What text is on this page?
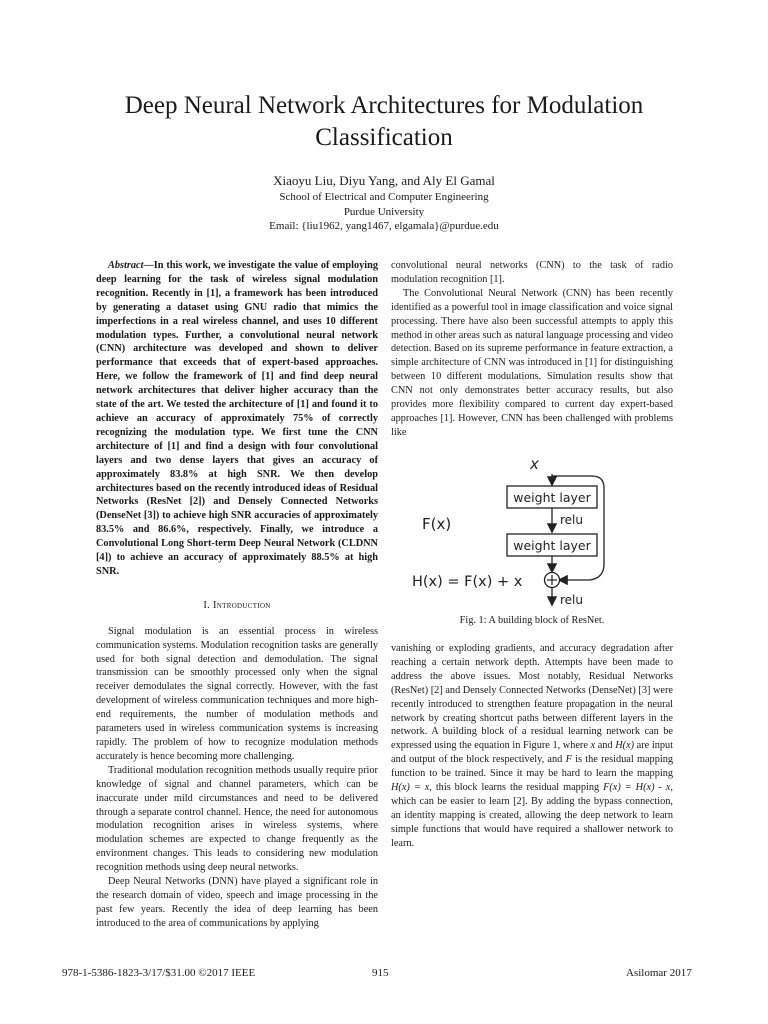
Deep Neural Network Architectures for Modulation Classification
Xiaoyu Liu, Diyu Yang, and Aly El Gamal
School of Electrical and Computer Engineering
Purdue University
Email: {liu1962, yang1467, elgamala}@purdue.edu

Abstract—In this work, we investigate the value of employing deep learning for the task of wireless signal modulation recognition. Recently in [1], a framework has been introduced by generating a dataset using GNU radio that mimics the imperfections in a real wireless channel, and uses 10 different modulation types. Further, a convolutional neural network (CNN) architecture was developed and shown to deliver performance that exceeds that of expert-based approaches. Here, we follow the framework of [1] and find deep neural network architectures that deliver higher accuracy than the state of the art. We tested the architecture of [1] and found it to achieve an accuracy of approximately 75% of correctly recognizing the modulation type. We first tune the CNN architecture of [1] and find a design with four convolutional layers and two dense layers that gives an accuracy of approximately 83.8% at high SNR. We then develop architectures based on the recently introduced ideas of Residual Networks (ResNet [2]) and Densely Connected Networks (DenseNet [3]) to achieve high SNR accuracies of approximately 83.5% and 86.6%, respectively. Finally, we introduce a Convolutional Long Short-term Deep Neural Network (CLDNN [4]) to achieve an accuracy of approximately 88.5% at high SNR.

I. Introduction

Signal modulation is an essential process in wireless communication systems. Modulation recognition tasks are generally used for both signal detection and demodulation. The signal transmission can be smoothly processed only when the signal receiver demodulates the signal correctly. However, with the fast development of wireless communication techniques and more high-end requirements, the number of modulation methods and parameters used in wireless communication systems is increasing rapidly. The problem of how to recognize modulation methods accurately is hence becoming more challenging.

Traditional modulation recognition methods usually require prior knowledge of signal and channel parameters, which can be inaccurate under mild circumstances and need to be delivered through a separate control channel. Hence, the need for autonomous modulation recognition arises in wireless systems, where modulation schemes are expected to change frequently as the environment changes. This leads to considering new modulation recognition methods using deep neural networks.

Deep Neural Networks (DNN) have played a significant role in the research domain of video, speech and image processing in the past few years. Recently the idea of deep learning has been introduced to the area of communications by applying

convolutional neural networks (CNN) to the task of radio modulation recognition [1].

The Convolutional Neural Network (CNN) has been recently identified as a powerful tool in image classification and voice signal processing. There have also been successful attempts to apply this method in other areas such as natural language processing and video detection. Based on its supreme performance in feature extraction, a simple architecture of CNN was introduced in [1] for distinguishing between 10 different modulations. Simulation results show that CNN not only demonstrates better accuracy results, but also provides more flexibility compared to current day expert-based approaches [1]. However, CNN has been challenged with problems like

x
weight layer
relu
F(x)
weight layer
relu
H(x) = F(x) + x
Fig. 1: A building block of ResNet.

vanishing or exploding gradients, and accuracy degradation after reaching a certain network depth. Attempts have been made to address the above issues. Most notably, Residual Networks (ResNet) [2] and Densely Connected Networks (DenseNet) [3] were recently introduced to strengthen feature propagation in the neural network by creating shortcut paths between different layers in the network. A building block of a residual learning network can be expressed using the equation in Figure 1, where x and H(x) are input and output of the block respectively, and F is the residual mapping function to be trained. Since it may be hard to learn the mapping H(x) = x, this block learns the residual mapping F(x) = H(x) - x, which can be easier to learn [2]. By adding the bypass connection, an identity mapping is created, allowing the deep network to learn simple functions that would have required a shallower network to learn.

978-1-5386-1823-3/17/$31.00 ©2017 IEEE	915	Asilomar 2017
